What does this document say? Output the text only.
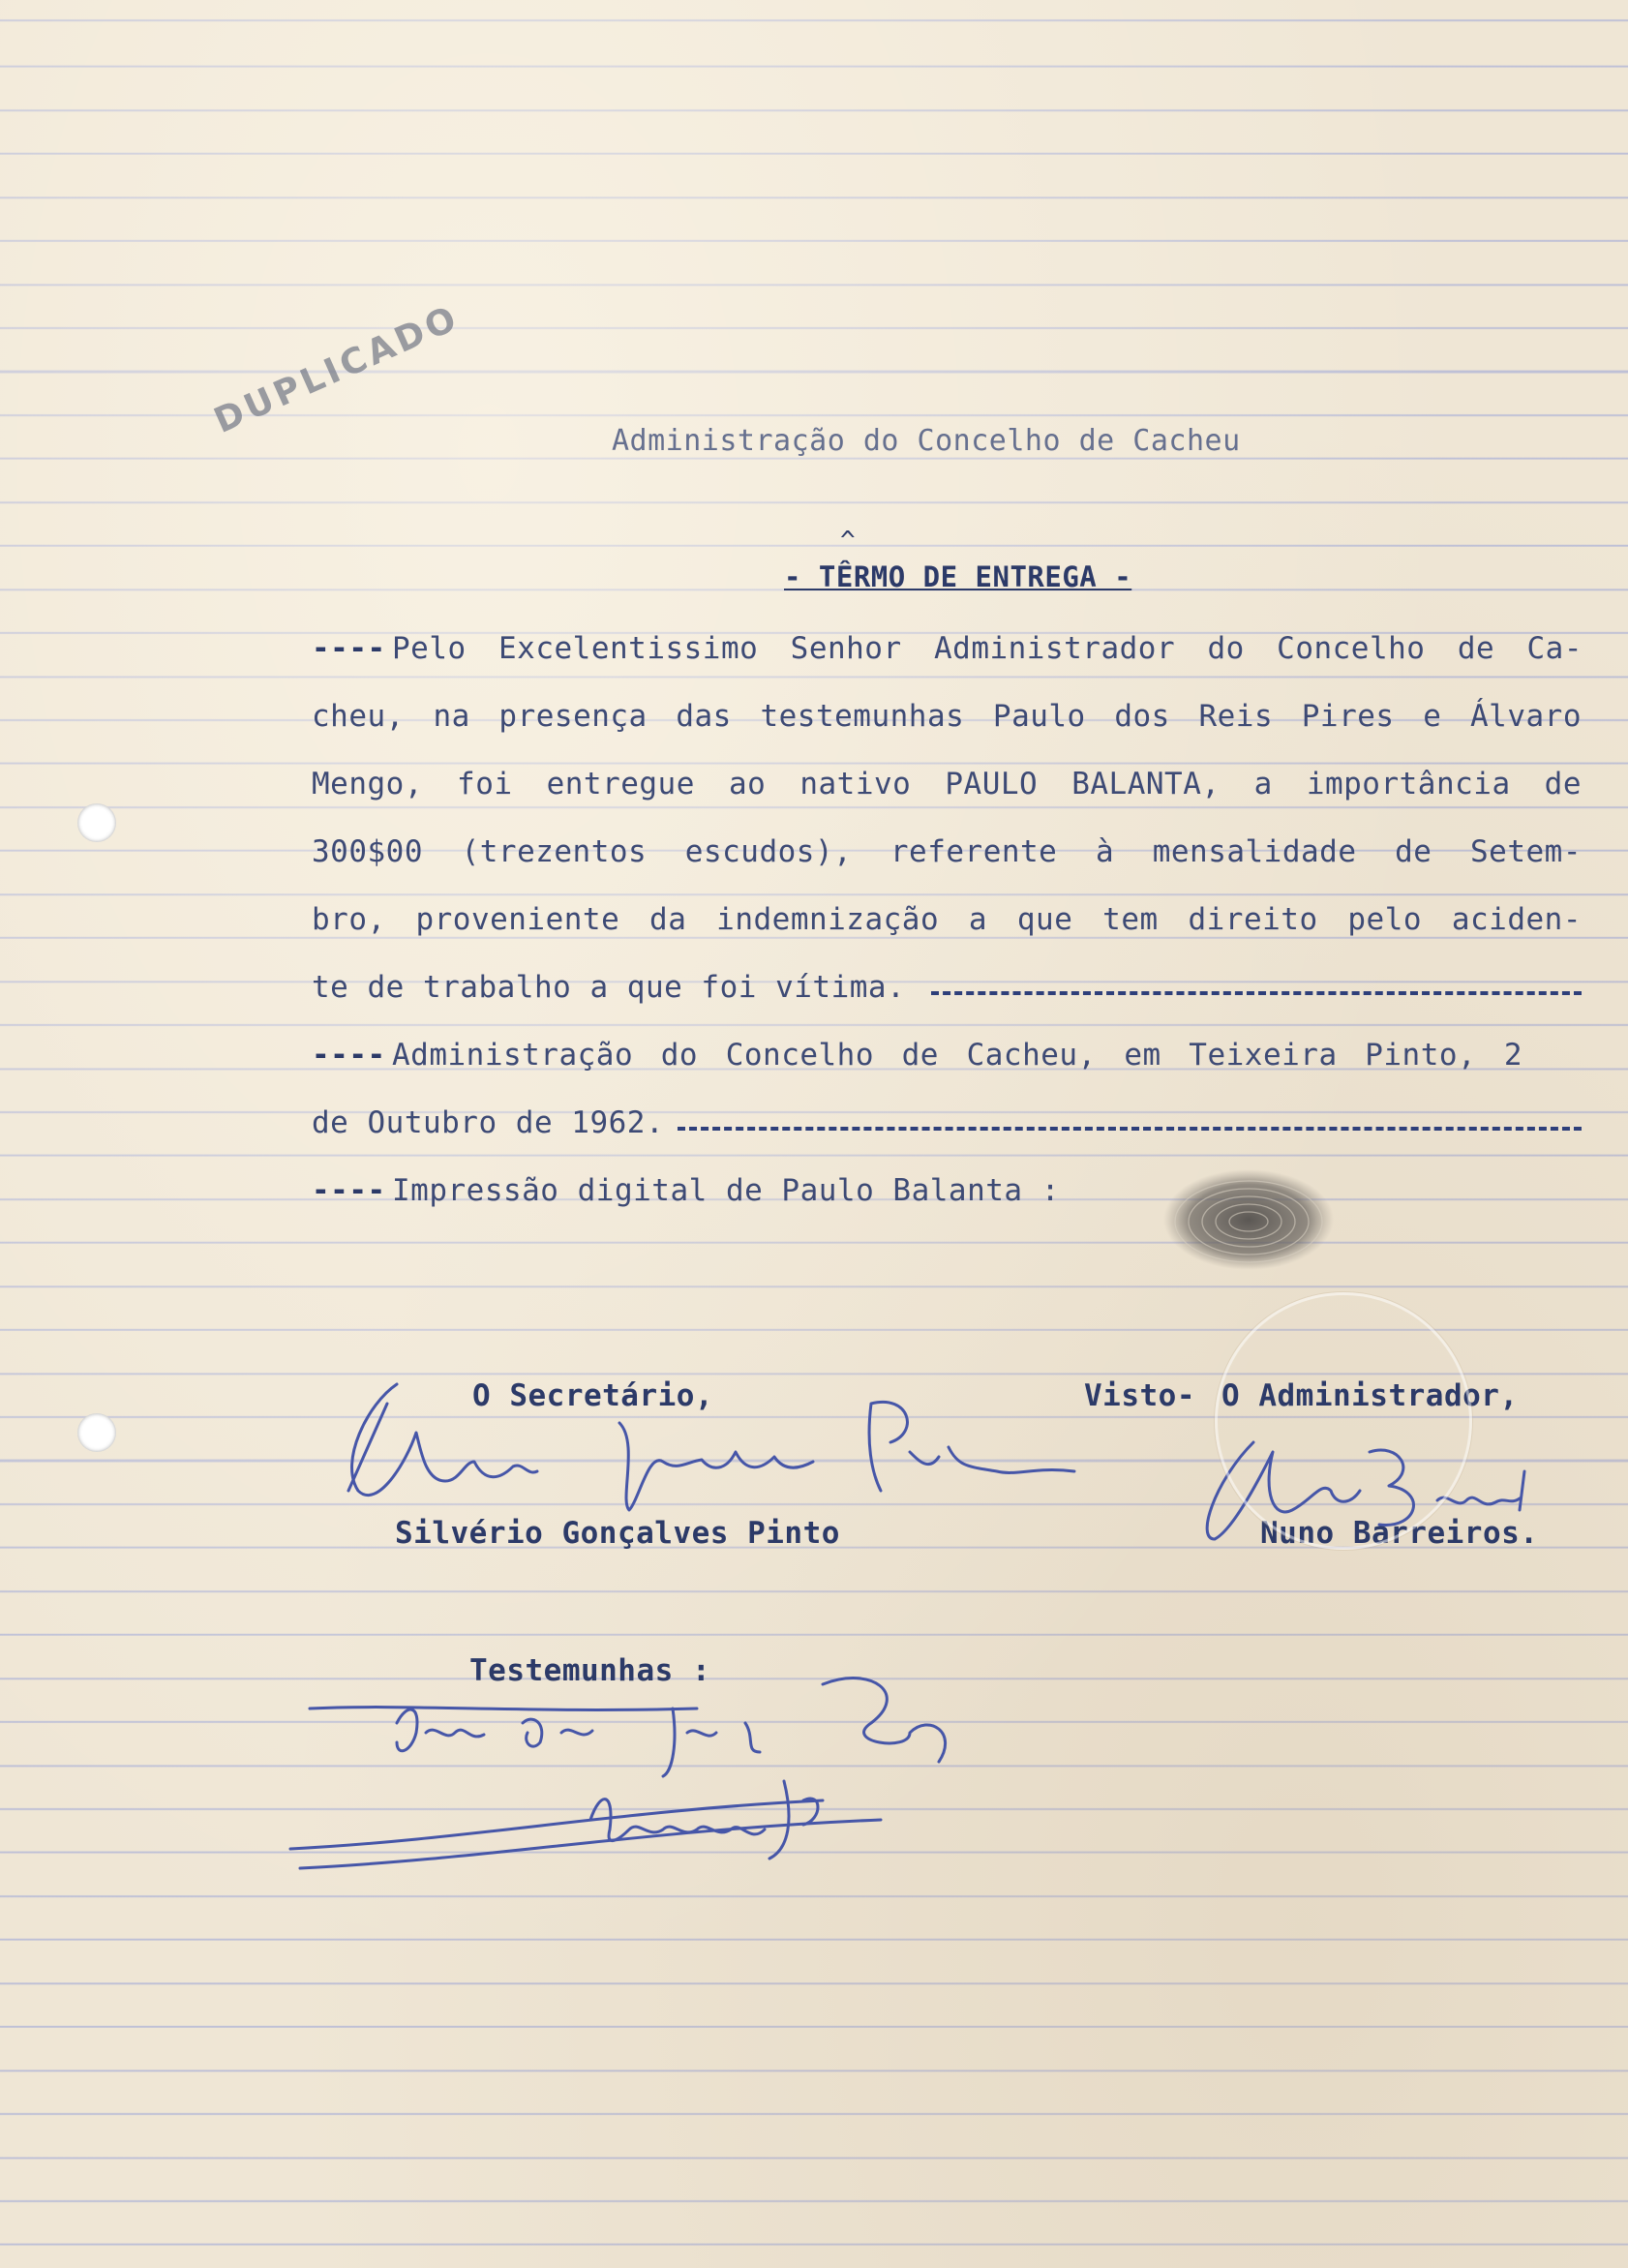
DUPLICADO	Administração do Concelho de Cacheu
^
- TÊRMO DE ENTREGA -
---- Pelo Excelentissimo Senhor Administrador do Concelho de Ca-
cheu, na presença das testemunhas Paulo dos Reis Pires e Álvaro
Mengo, foi entregue ao nativo PAULO BALANTA, a importância de
300$00 (trezentos escudos), referente à mensalidade de Setem-
bro, proveniente da indemnização a que tem direito pelo aciden-
te de trabalho a que foi vítima.
---- Administração do Concelho de Cacheu, em Teixeira Pinto, 2
de Outubro de 1962.
---- Impressão digital de Paulo Balanta :
O Secretário,	Visto- O Administrador,
Silvério Gonçalves Pinto	Nuno Barreiros.
Testemunhas :
